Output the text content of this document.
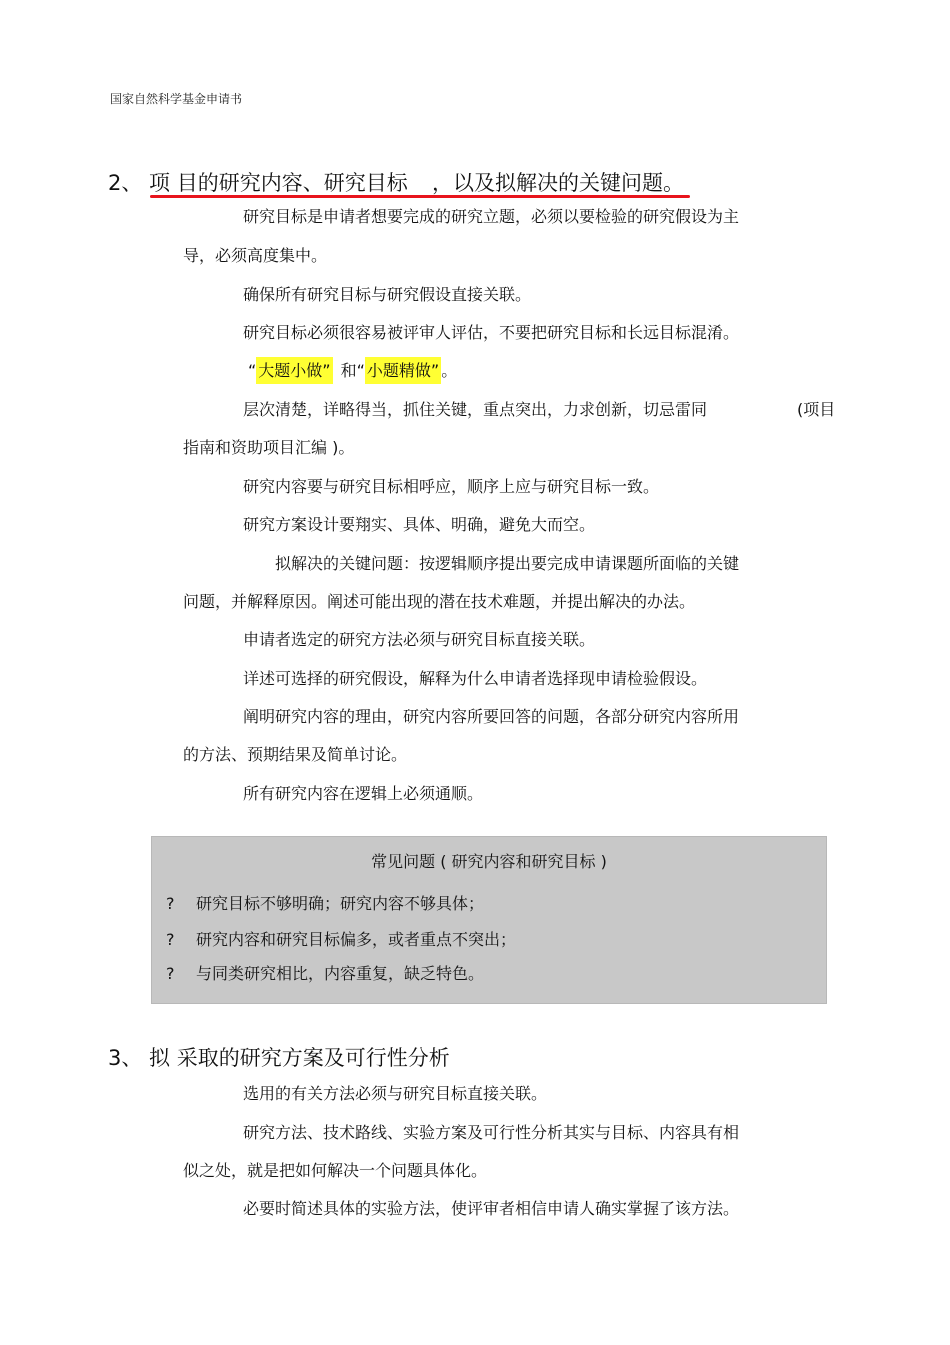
国家自然科学基金申请书
2、 项 目的研究内容、研究目标 ，以及拟解决的关键问题。
研究目标是申请者想要完成的研究立题，必须以要检验的研究假设为主
导，必须高度集中。
确保所有研究目标与研究假设直接关联。
研究目标必须很容易被评审人评估，不要把研究目标和长远目标混淆。
“ 大题小做” 和“ 小题精做” 。
层次清楚，详略得当，抓住关键，重点突出，力求创新，切忌雷同	(项目
指南和资助项目汇编 )。
研究内容要与研究目标相呼应，顺序上应与研究目标一致。
研究方案设计要翔实、具体、明确，避免大而空。
拟解决的关键问题：按逻辑顺序提出要完成申请课题所面临的关键
问题，并解释原因。阐述可能出现的潜在技术难题，并提出解决的办法。
申请者选定的研究方法必须与研究目标直接关联。
详述可选择的研究假设，解释为什么申请者选择现申请检验假设。
阐明研究内容的理由，研究内容所要回答的问题，各部分研究内容所用
的方法、预期结果及简单讨论。
所有研究内容在逻辑上必须通顺。
常见问题 ( 研究内容和研究目标 )
? 研究目标不够明确；研究内容不够具体；
? 研究内容和研究目标偏多，或者重点不突出；
? 与同类研究相比，内容重复，缺乏特色。
3、 拟 采取的研究方案及可行性分析
选用的有关方法必须与研究目标直接关联。
研究方法、技术路线、实验方案及可行性分析其实与目标、内容具有相
似之处，就是把如何解决一个问题具体化。
必要时简述具体的实验方法，使评审者相信申请人确实掌握了该方法。
